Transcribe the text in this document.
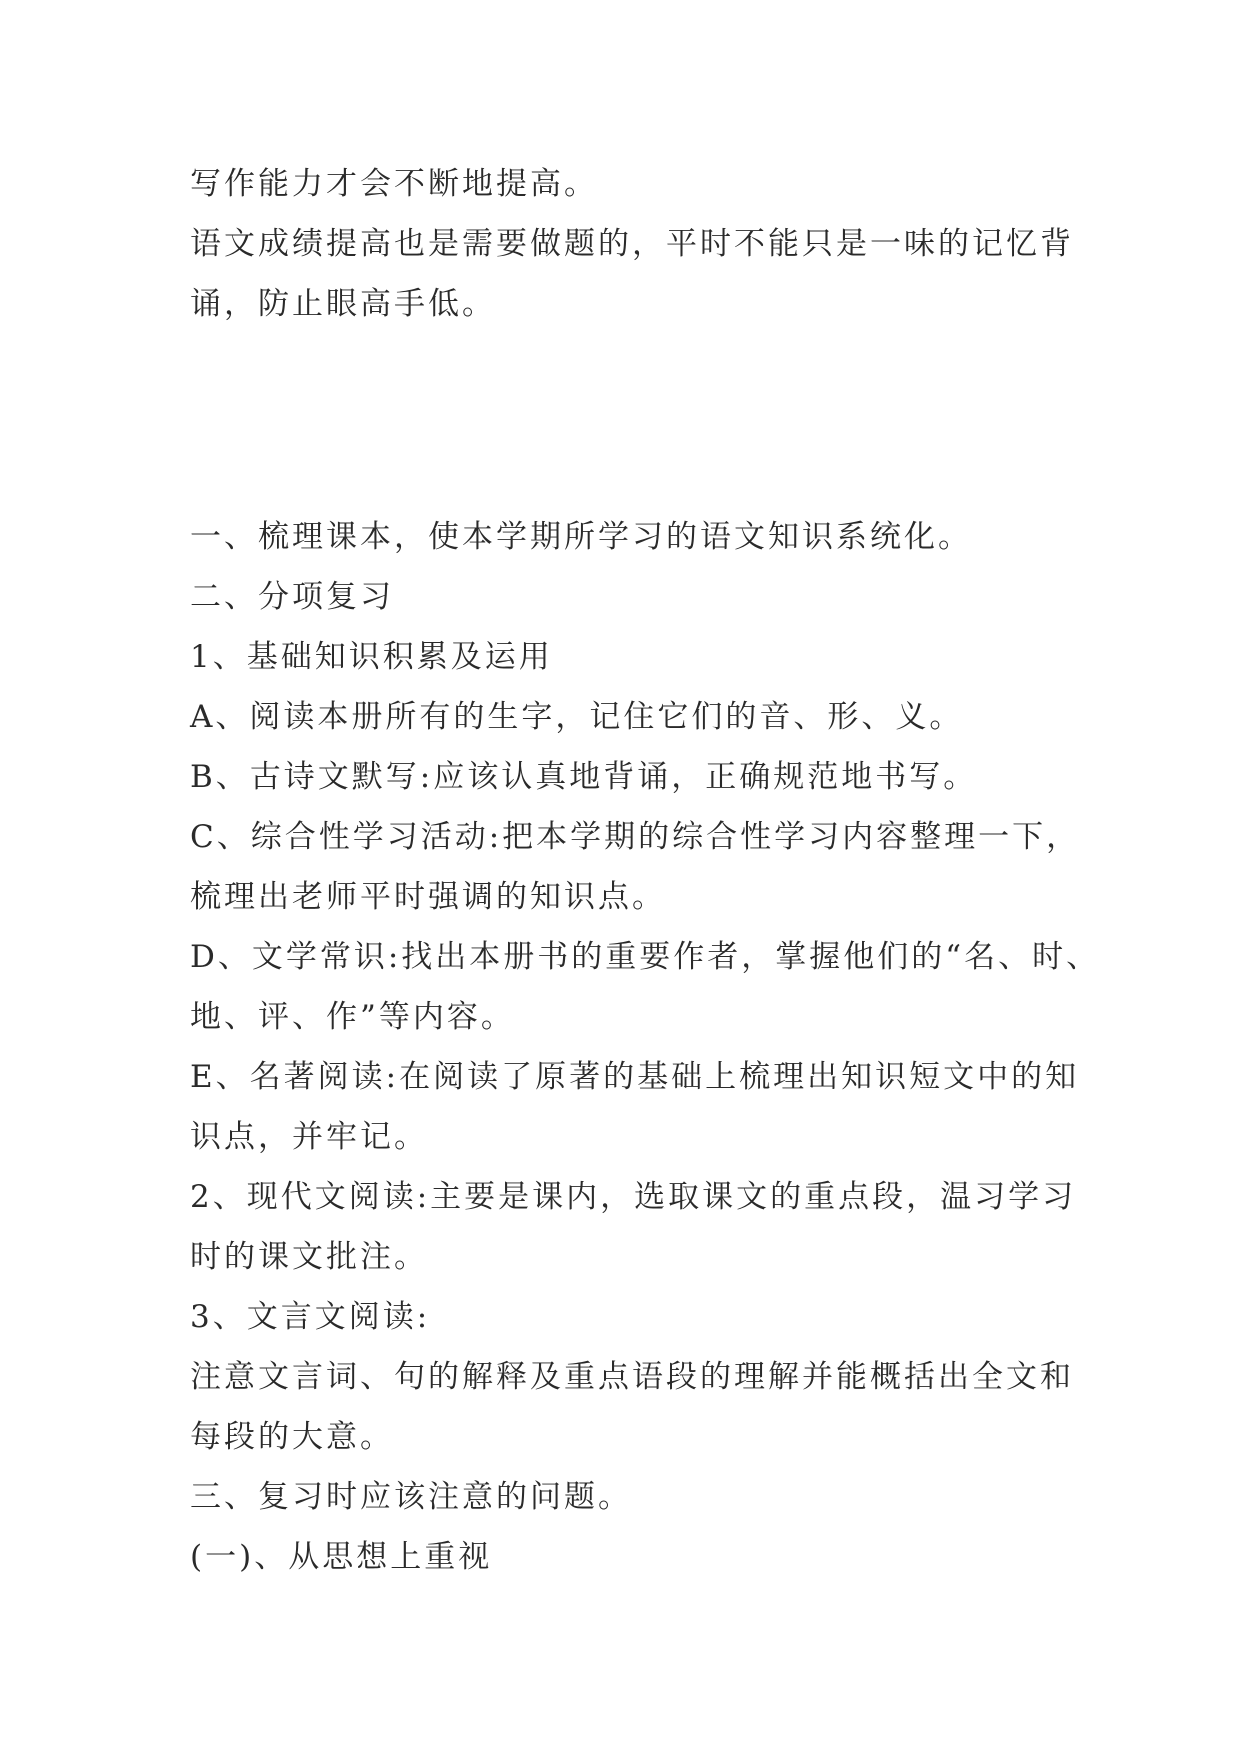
写作能力才会不断地提高。
语文成绩提高也是需要做题的，平时不能只是一味的记忆背
诵，防止眼高手低。
一、梳理课本，使本学期所学习的语文知识系统化。
二、分项复习
1、基础知识积累及运用
A、阅读本册所有的生字，记住它们的音、形、义。
B、古诗文默写:应该认真地背诵，正确规范地书写。
C、综合性学习活动:把本学期的综合性学习内容整理一下，
梳理出老师平时强调的知识点。
D、文学常识:找出本册书的重要作者，掌握他们的“名、时、
地、评、作”等内容。
E、名著阅读:在阅读了原著的基础上梳理出知识短文中的知
识点，并牢记。
2、现代文阅读:主要是课内，选取课文的重点段，温习学习
时的课文批注。
3、文言文阅读:
注意文言词、句的解释及重点语段的理解并能概括出全文和
每段的大意。
三、复习时应该注意的问题。
(一)、从思想上重视
